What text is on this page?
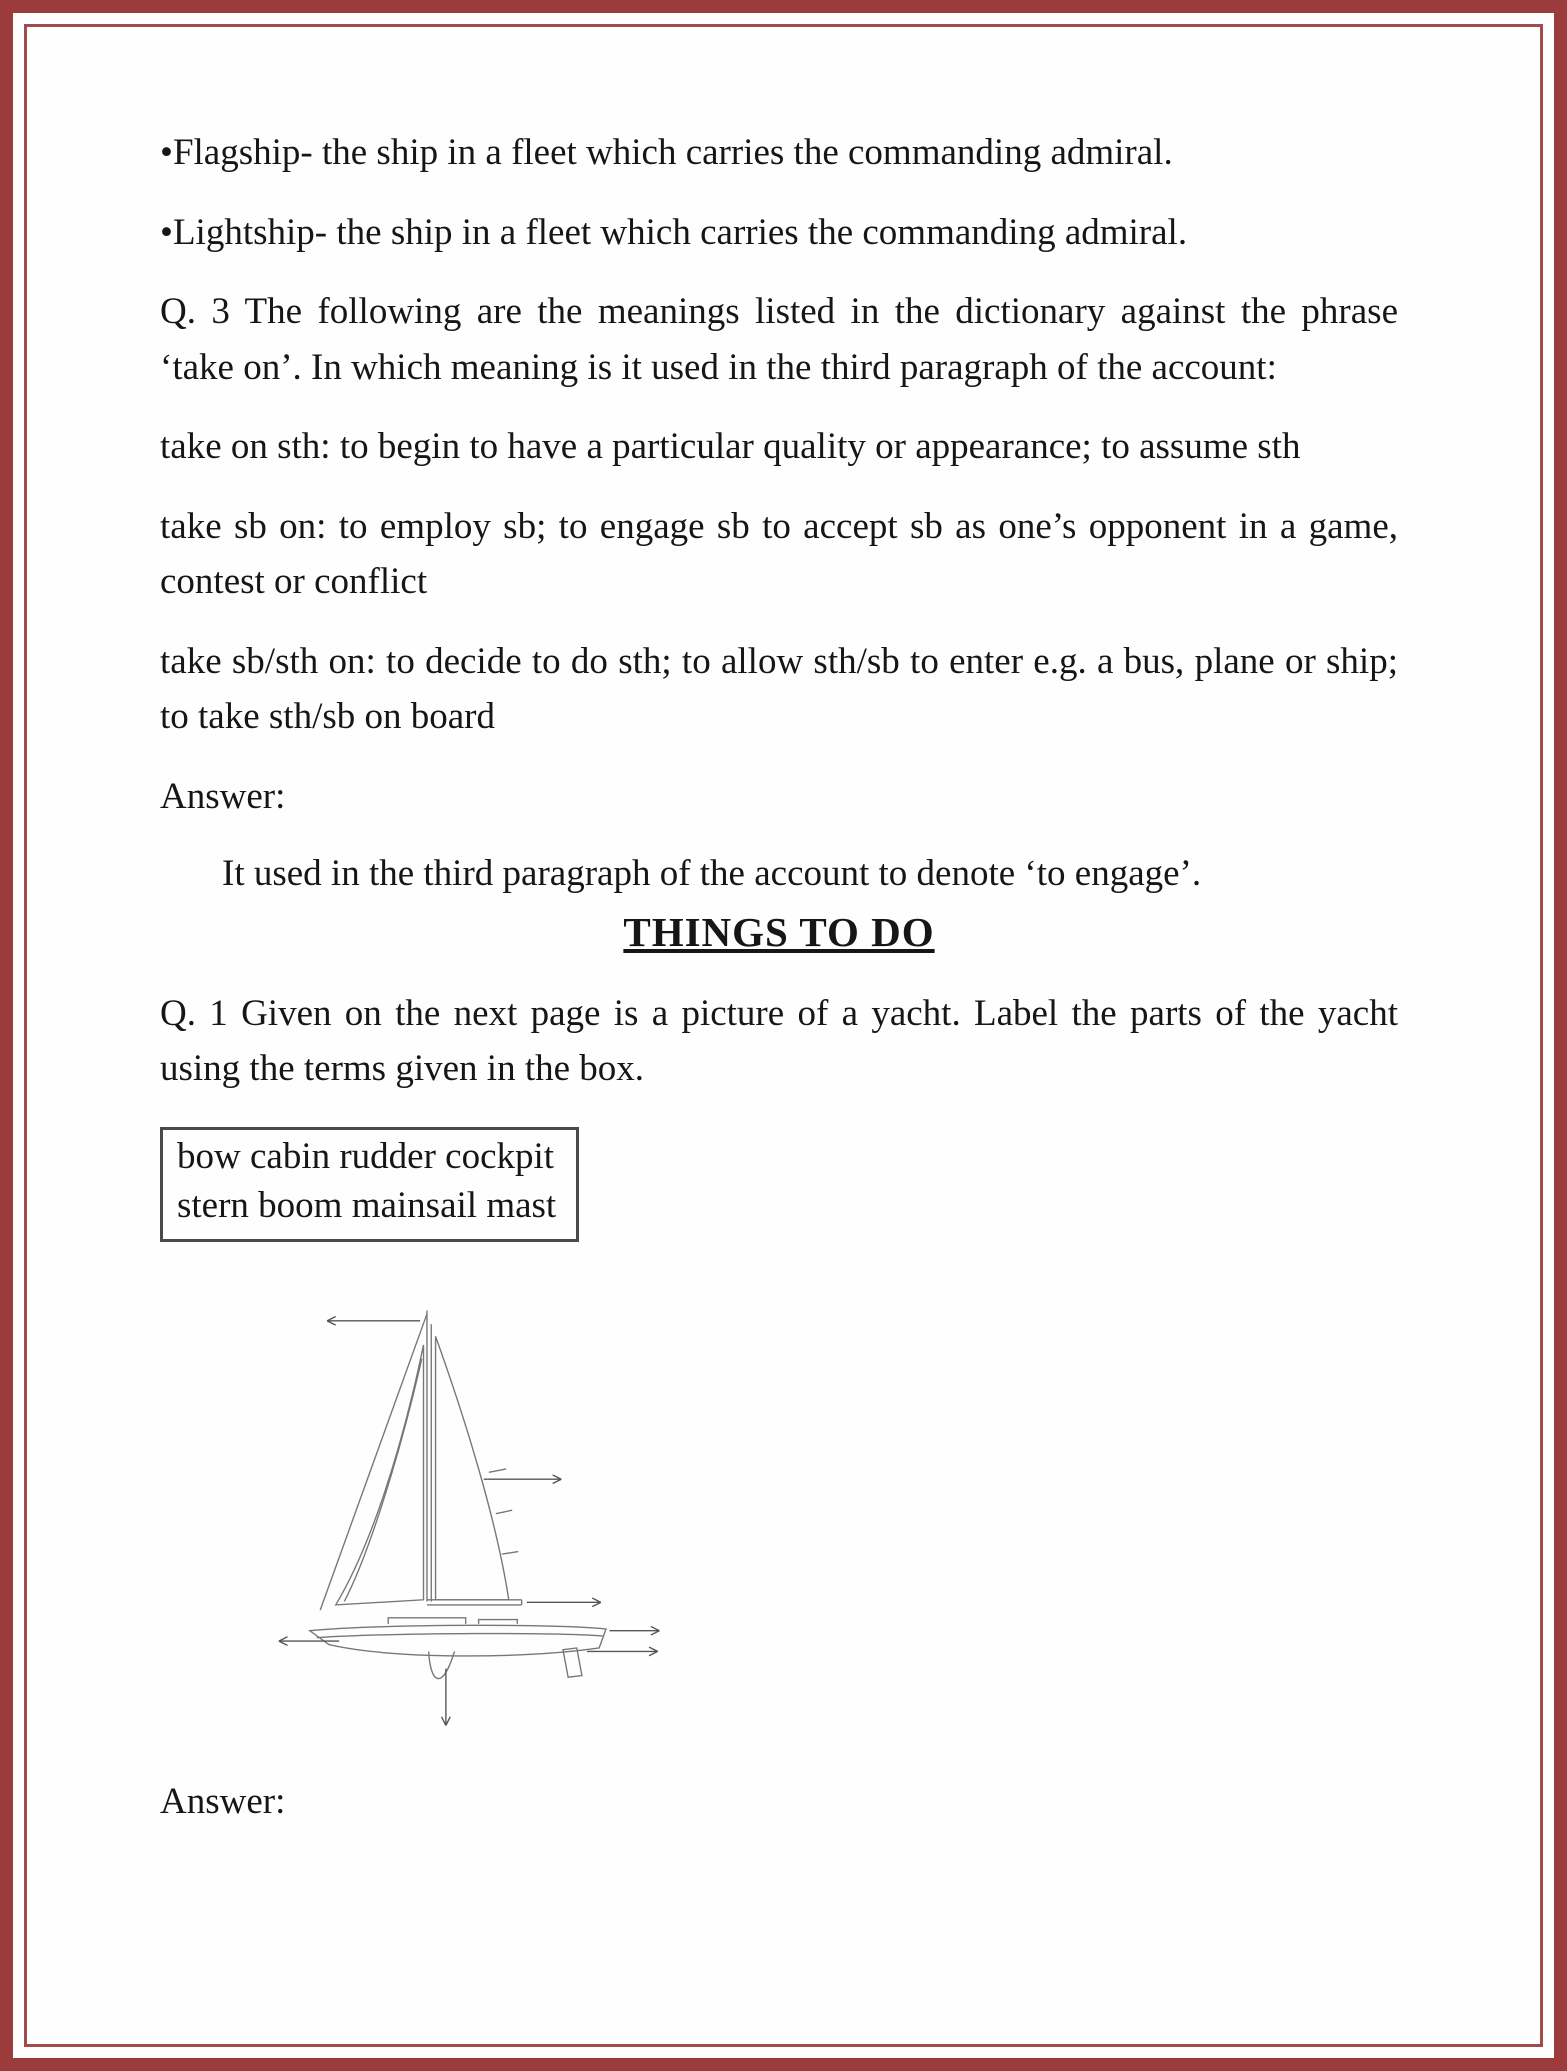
•Flagship- the ship in a fleet which carries the commanding admiral.

•Lightship- the ship in a fleet which carries the commanding admiral.

Q. 3 The following are the meanings listed in the dictionary against the phrase ‘take on’. In which meaning is it used in the third paragraph of the account:

take on sth: to begin to have a particular quality or appearance; to assume sth

take sb on: to employ sb; to engage sb to accept sb as one’s opponent in a game, contest or conflict

take sb/sth on: to decide to do sth; to allow sth/sb to enter e.g. a bus, plane or ship; to take sth/sb on board

Answer:

It used in the third paragraph of the account to denote ‘to engage’.

THINGS TO DO

Q. 1 Given on the next page is a picture of a yacht. Label the parts of the yacht using the terms given in the box.

bow cabin rudder cockpit
stern boom mainsail mast

Answer:
